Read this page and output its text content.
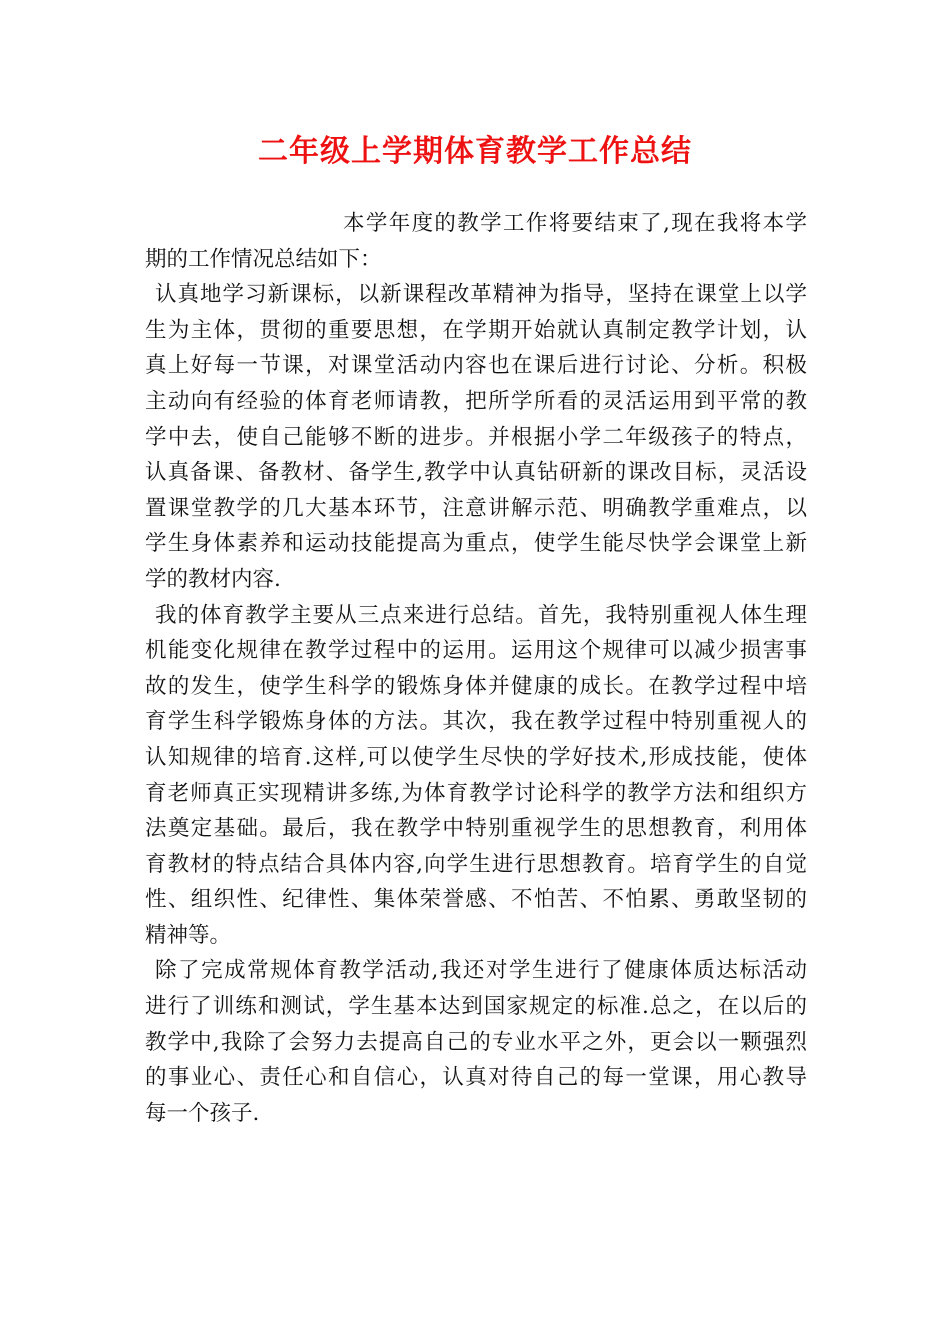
二年级上学期体育教学工作总结

本学年度的教学工作将要结束了,现在我将本学
期的工作情况总结如下：

认真地学习新课标，以新课程改革精神为指导，坚持在课堂上以学
生为主体，贯彻的重要思想，在学期开始就认真制定教学计划，认
真上好每一节课，对课堂活动内容也在课后进行讨论、分析。积极
主动向有经验的体育老师请教，把所学所看的灵活运用到平常的教
学中去，使自己能够不断的进步。并根据小学二年级孩子的特点，
认真备课、备教材、备学生,教学中认真钻研新的课改目标，灵活设
置课堂教学的几大基本环节，注意讲解示范、明确教学重难点，以
学生身体素养和运动技能提高为重点，使学生能尽快学会课堂上新
学的教材内容.

我的体育教学主要从三点来进行总结。首先，我特别重视人体生理
机能变化规律在教学过程中的运用。运用这个规律可以减少损害事
故的发生，使学生科学的锻炼身体并健康的成长。在教学过程中培
育学生科学锻炼身体的方法。其次，我在教学过程中特别重视人的
认知规律的培育.这样,可以使学生尽快的学好技术,形成技能，使体
育老师真正实现精讲多练,为体育教学讨论科学的教学方法和组织方
法奠定基础。最后，我在教学中特别重视学生的思想教育，利用体
育教材的特点结合具体内容,向学生进行思想教育。培育学生的自觉
性、组织性、纪律性、集体荣誉感、不怕苦、不怕累、勇敢坚韧的
精神等。

除了完成常规体育教学活动,我还对学生进行了健康体质达标活动
进行了训练和测试，学生基本达到国家规定的标准.总之，在以后的
教学中,我除了会努力去提高自己的专业水平之外，更会以一颗强烈
的事业心、责任心和自信心，认真对待自己的每一堂课，用心教导
每一个孩子.
